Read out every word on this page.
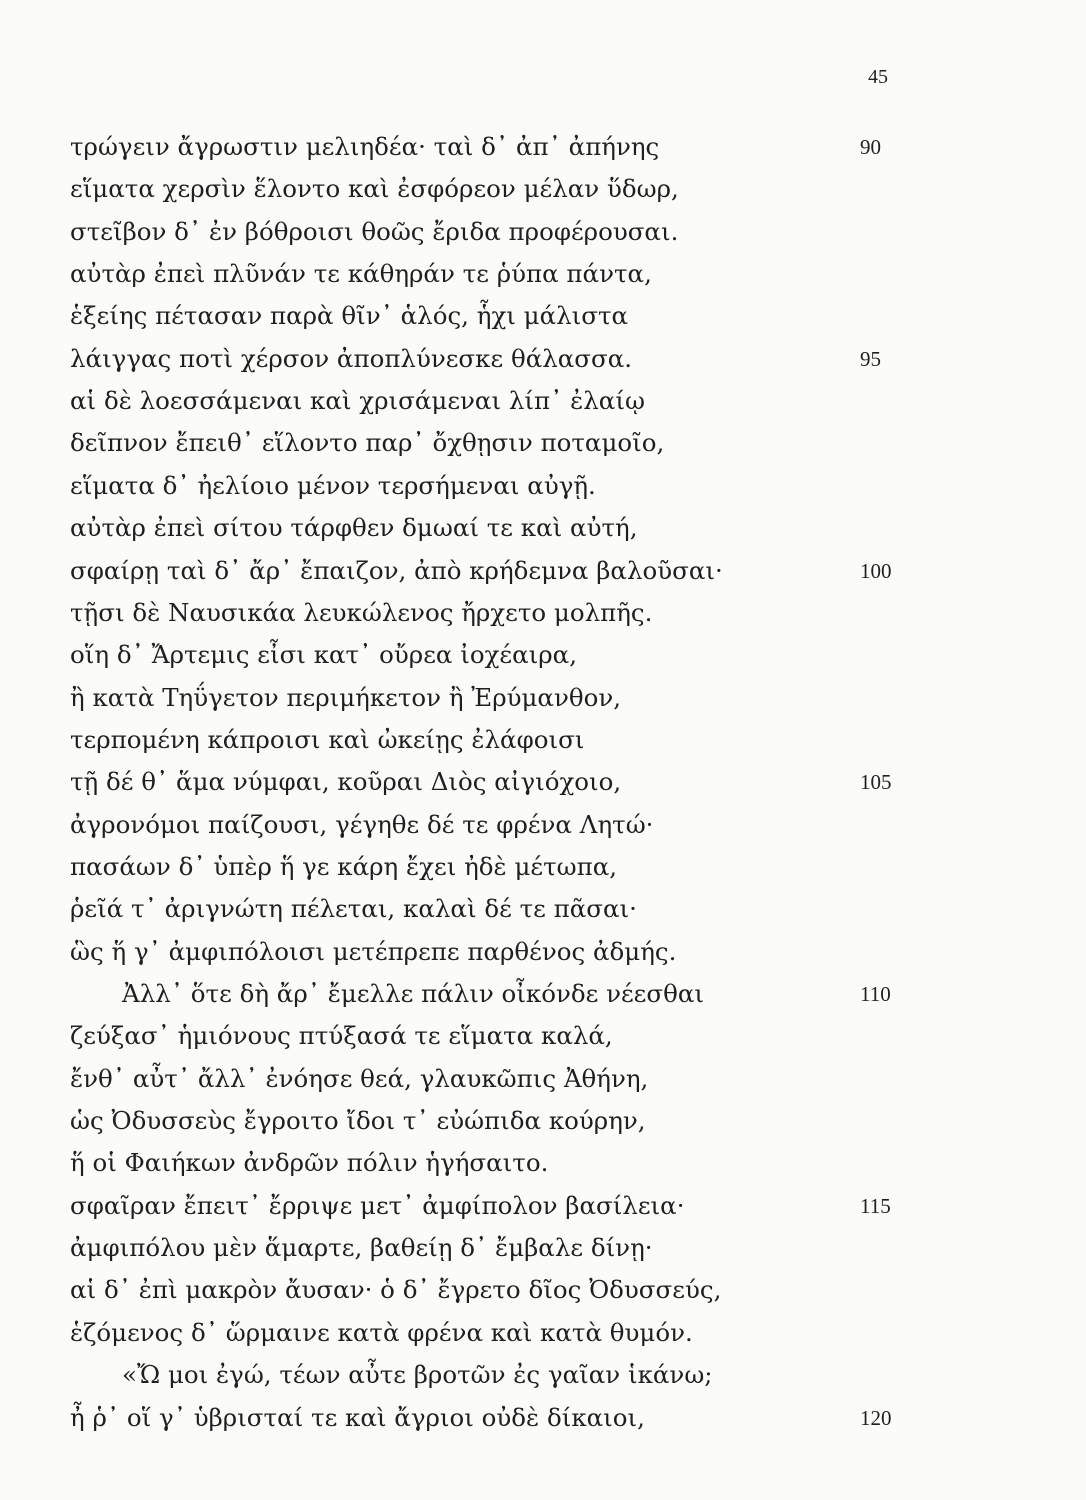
45
τρώγειν ἄγρωστιν μελιηδέα· ταὶ δ᾽ ἀπ᾽ ἀπήνης	90
εἵματα χερσὶν ἕλοντο καὶ ἐσφόρεον μέλαν ὕδωρ,
στεῖβον δ᾽ ἐν βόθροισι θοῶς ἔριδα προφέρουσαι.
αὐτὰρ ἐπεὶ πλῦνάν τε κάθηράν τε ῥύπα πάντα,
ἑξείης πέτασαν παρὰ θῖν᾽ ἁλός, ἧχι μάλιστα
λάιγγας ποτὶ χέρσον ἀποπλύνεσκε θάλασσα.	95
αἱ δὲ λοεσσάμεναι καὶ χρισάμεναι λίπ᾽ ἐλαίῳ
δεῖπνον ἔπειθ᾽ εἵλοντο παρ᾽ ὄχθῃσιν ποταμοῖο,
εἵματα δ᾽ ἠελίοιο μένον τερσήμεναι αὐγῇ.
αὐτὰρ ἐπεὶ σίτου τάρφθεν δμωαί τε καὶ αὐτή,
σφαίρῃ ταὶ δ᾽ ἄρ᾽ ἔπαιζον, ἀπὸ κρήδεμνα βαλοῦσαι·	100
τῇσι δὲ Ναυσικάα λευκώλενος ἤρχετο μολπῆς.
οἵη δ᾽ Ἄρτεμις εἶσι κατ᾽ οὔρεα ἰοχέαιρα,
ἢ κατὰ Τηΰγετον περιμήκετον ἢ Ἐρύμανθον,
τερπομένη κάπροισι καὶ ὠκείῃς ἐλάφοισι
τῇ δέ θ᾽ ἅμα νύμφαι, κοῦραι Διὸς αἰγιόχοιο,	105
ἀγρονόμοι παίζουσι, γέγηθε δέ τε φρένα Λητώ·
πασάων δ᾽ ὑπὲρ ἥ γε κάρη ἔχει ἠδὲ μέτωπα,
ῥεῖά τ᾽ ἀριγνώτη πέλεται, καλαὶ δέ τε πᾶσαι·
ὣς ἥ γ᾽ ἀμφιπόλοισι μετέπρεπε παρθένος ἀδμής.
Ἀλλ᾽ ὅτε δὴ ἄρ᾽ ἔμελλε πάλιν οἶκόνδε νέεσθαι	110
ζεύξασ᾽ ἡμιόνους πτύξασά τε εἵματα καλά,
ἔνθ᾽ αὖτ᾽ ἄλλ᾽ ἐνόησε θεά, γλαυκῶπις Ἀθήνη,
ὡς Ὀδυσσεὺς ἔγροιτο ἴδοι τ᾽ εὐώπιδα κούρην,
ἥ οἱ Φαιήκων ἀνδρῶν πόλιν ἡγήσαιτο.
σφαῖραν ἔπειτ᾽ ἔρριψε μετ᾽ ἀμφίπολον βασίλεια·	115
ἀμφιπόλου μὲν ἅμαρτε, βαθείῃ δ᾽ ἔμβαλε δίνῃ·
αἱ δ᾽ ἐπὶ μακρὸν ἄυσαν· ὁ δ᾽ ἔγρετο δῖος Ὀδυσσεύς,
ἑζόμενος δ᾽ ὥρμαινε κατὰ φρένα καὶ κατὰ θυμόν.
«Ὤ μοι ἐγώ, τέων αὖτε βροτῶν ἐς γαῖαν ἱκάνω;
ἦ ῥ᾽ οἵ γ᾽ ὑβρισταί τε καὶ ἄγριοι οὐδὲ δίκαιοι,	120
